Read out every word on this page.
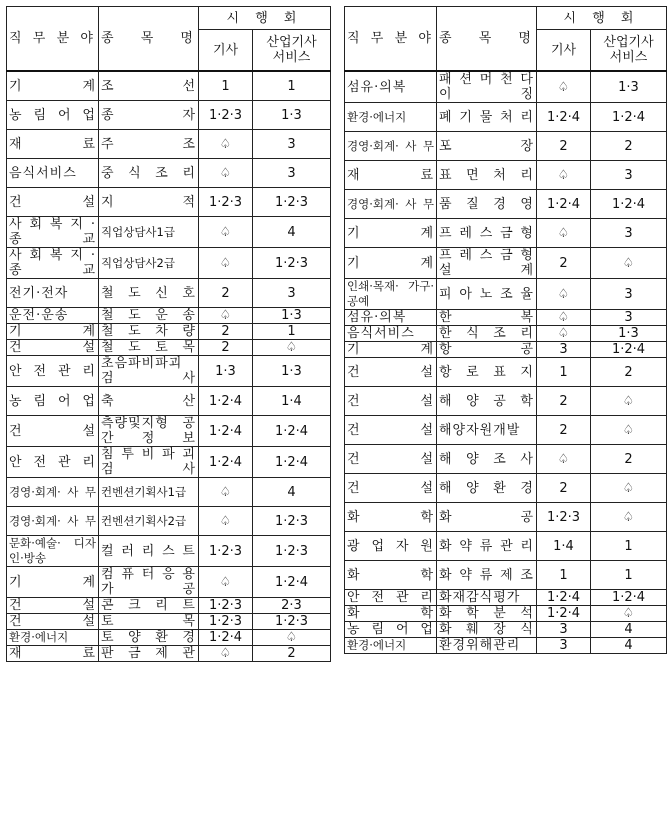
직 무 분 야	종 목 명	시 행 회	
		기사	산업기사
서비스

기 계	조 선	1	1
농 림 어 업	종 자	1·2·3	1·3
재 료	주 조	♤	3
음식서비스	중 식 조 리	♤	3
건 설	지 적	1·2·3	1·2·3
사 회 복 지 · 종 교	직업상담사1급	♤	4
사 회 복 지 · 종 교	직업상담사2급	♤	1·2·3
전기·전자	철 도 신 호	2	3
운전·운송	철 도 운 송	♤	1·3
기 계	철 도 차 량	2	1
건 설	철 도 토 목	2	♤
안 전 관 리	초음파비파괴 검 사	1·3	1·3
농 림 어 업	축 산	1·2·4	1·4
건 설	측량및지형 공 간 정 보	1·2·4	1·2·4
안 전 관 리	침 투 비 파 괴 검 사	1·2·4	1·2·4
경영·회계· 사 무	컨벤션기획사1급	♤	4
경영·회계· 사 무	컨벤션기획사2급	♤	1·2·3
문화·예술· 디자인·방송	컬 러 리 스 트	1·2·3	1·2·3
기 계	컴 퓨 터 응 용 가 공	♤	1·2·4
건 설	콘 크 리 트	1·2·3	2·3
건 설	토 목	1·2·3	1·2·3
환경·에너지	토 양 환 경	1·2·4	♤
재 료	판 금 제 관	♤	2
직 무 분 야	종 목 명	시 행 회	
		기사	산업기사
서비스

섬유·의복	패 션 머 천 다 이 징	♤	1·3
환경·에너지	폐 기 물 처 리	1·2·4	1·2·4
경영·회계· 사 무	포 장	2	2
재 료	표 면 처 리	♤	3
경영·회계· 사 무	품 질 경 영	1·2·4	1·2·4
기 계	프 레 스 금 형	♤	3
기 계	프 레 스 금 형 설 계	2	♤
인쇄·목재· 가구·공예	피 아 노 조 율	♤	3
섬유·의복	한 복	♤	3
음식서비스	한 식 조 리	♤	1·3
기 계	항 공	3	1·2·4
건 설	항 로 표 지	1	2
건 설	해 양 공 학	2	♤
건 설	해양자원개발	2	♤
건 설	해 양 조 사	♤	2
건 설	해 양 환 경	2	♤
화 학	화 공	1·2·3	♤
광 업 자 원	화 약 류 관 리	1·4	1
화 학	화 약 류 제 조	1	1
안 전 관 리	화재감식평가	1·2·4	1·2·4
화 학	화 학 분 석	1·2·4	♤
농 림 어 업	화 훼 장 식	3	4
환경·에너지	환경위해관리	3	4
